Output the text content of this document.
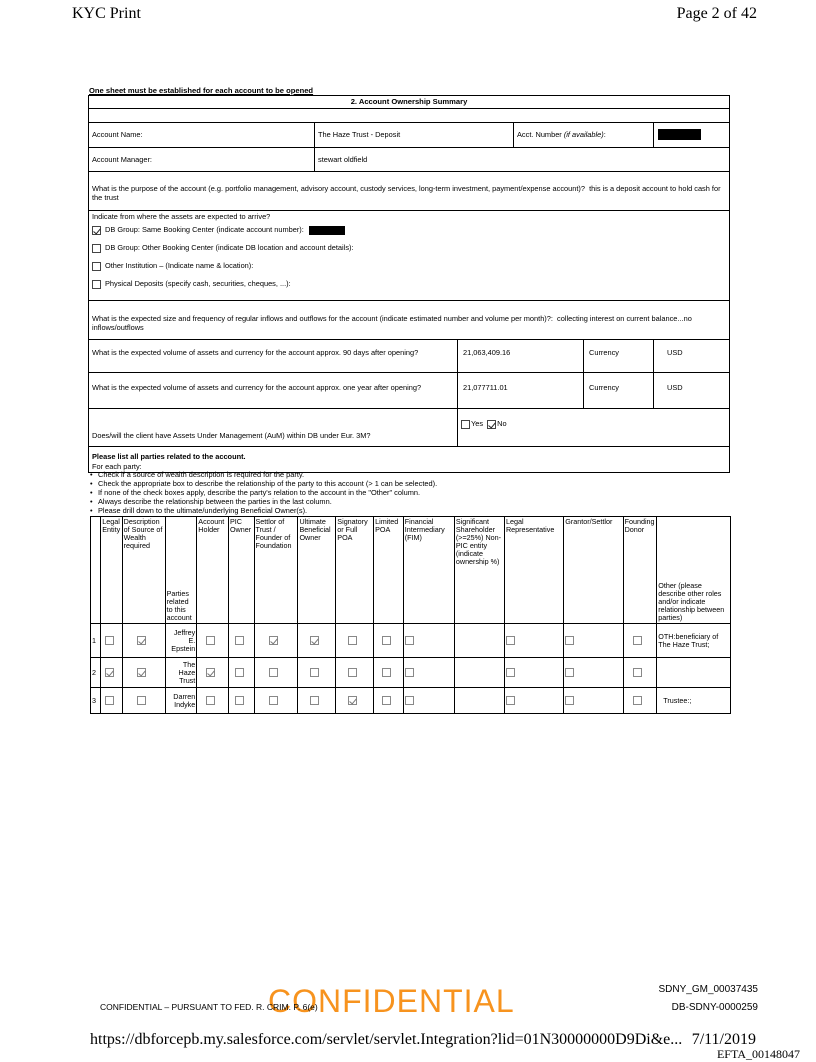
KYC Print	Page 2 of 42
One sheet must be established for each account to be opened
2. Account Ownership Summary
Account Name:	The Haze Trust - Deposit	Acct. Number (if available):
Account Manager:	stewart oldfield
What is the purpose of the account (e.g. portfolio management, advisory account, custody services, long-term investment, payment/expense account)? this is a deposit account to hold cash for the trust
Indicate from where the assets are expected to arrive?
DB Group: Same Booking Center (indicate account number):
DB Group: Other Booking Center (indicate DB location and account details):
Other Institution – (Indicate name & location):
Physical Deposits (specify cash, securities, cheques, ...):
What is the expected size and frequency of regular inflows and outflows for the account (indicate estimated number and volume per month)?: collecting interest on current balance...no inflows/outflows
What is the expected volume of assets and currency for the account approx. 90 days after opening?	21,063,409.16	Currency	USD
What is the expected volume of assets and currency for the account approx. one year after opening?	21,077711.01	Currency	USD
Does/will the client have Assets Under Management (AuM) within DB under Eur. 3M?
Yes No
Please list all parties related to the account.
For each party:
• Check if a source of wealth description is required for the party.
• Check the appropriate box to describe the relationship of the party to this account (> 1 can be selected).
• If none of the check boxes apply, describe the party's relation to the account in the "Other" column.
• Always describe the relationship between the parties in the last column.
• Please drill down to the ultimate/underlying Beneficial Owner(s).
	Legal Entity	Description of Source of Wealth required	Parties related to this account	Account Holder	PIC Owner	Settlor of Trust / Founder of Foundation	Ultimate Beneficial Owner	Signatory or Full POA	Limited POA	Financial Intermediary (FIM)	Significant Shareholder (>=25%) Non-PIC entity (indicate ownership %)	Legal Representative	Grantor/Settlor	Founding Donor	Other (please describe other roles and/or indicate relationship between parties)
1			Jeffrey E. Epstein												OTH:beneficiary of The Haze Trust;
2			The Haze Trust												
3			Darren Indyke												Trustee:;
CONFIDENTIAL
CONFIDENTIAL – PURSUANT TO FED. R. CRIM. P. 6(e)
SDNY_GM_00037435
DB-SDNY-0000259
https://dbforcepb.my.salesforce.com/servlet/servlet.Integration?lid=01N30000000D9Di&e... 7/11/2019
EFTA_00148047
